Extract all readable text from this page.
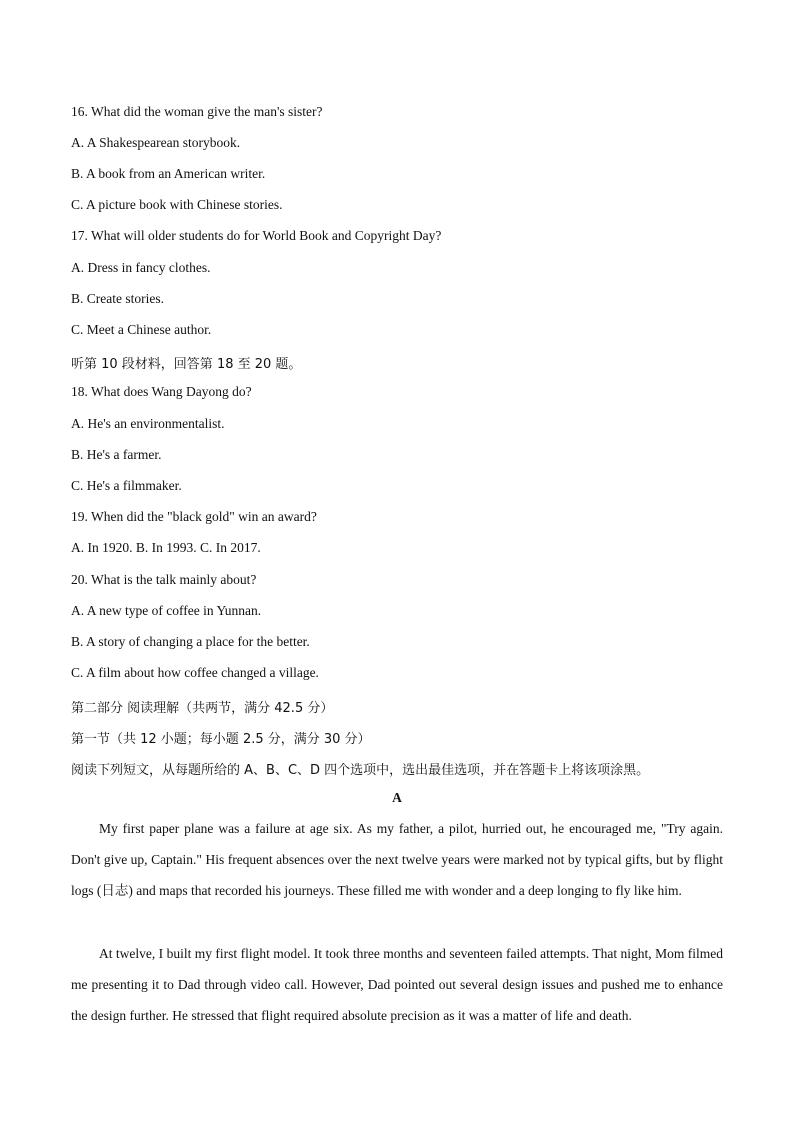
16. What did the woman give the man's sister?
A. A Shakespearean storybook.
B. A book from an American writer.
C. A picture book with Chinese stories.
17. What will older students do for World Book and Copyright Day?
A. Dress in fancy clothes.
B. Create stories.
C. Meet a Chinese author.
听第 10 段材料，回答第 18 至 20 题。
18. What does Wang Dayong do?
A. He's an environmentalist.
B. He's a farmer.
C. He's a filmmaker.
19. When did the "black gold" win an award?
A. In 1920. B. In 1993. C. In 2017.
20. What is the talk mainly about?
A. A new type of coffee in Yunnan.
B. A story of changing a place for the better.
C. A film about how coffee changed a village.
第二部分 阅读理解（共两节，满分 42.5 分）
第一节（共 12 小题；每小题 2.5 分，满分 30 分）
阅读下列短文，从每题所给的 A、B、C、D 四个选项中，选出最佳选项，并在答题卡上将该项涂黑。
A

My first paper plane was a failure at age six. As my father, a pilot, hurried out, he encouraged me, "Try again. Don't give up, Captain." His frequent absences over the next twelve years were marked not by typical gifts, but by flight logs (日志) and maps that recorded his journeys. These filled me with wonder and a deep longing to fly like him.

At twelve, I built my first flight model. It took three months and seventeen failed attempts. That night, Mom filmed me presenting it to Dad through video call. However, Dad pointed out several design issues and pushed me to enhance the design further. He stressed that flight required absolute precision as it was a matter of life and death.
